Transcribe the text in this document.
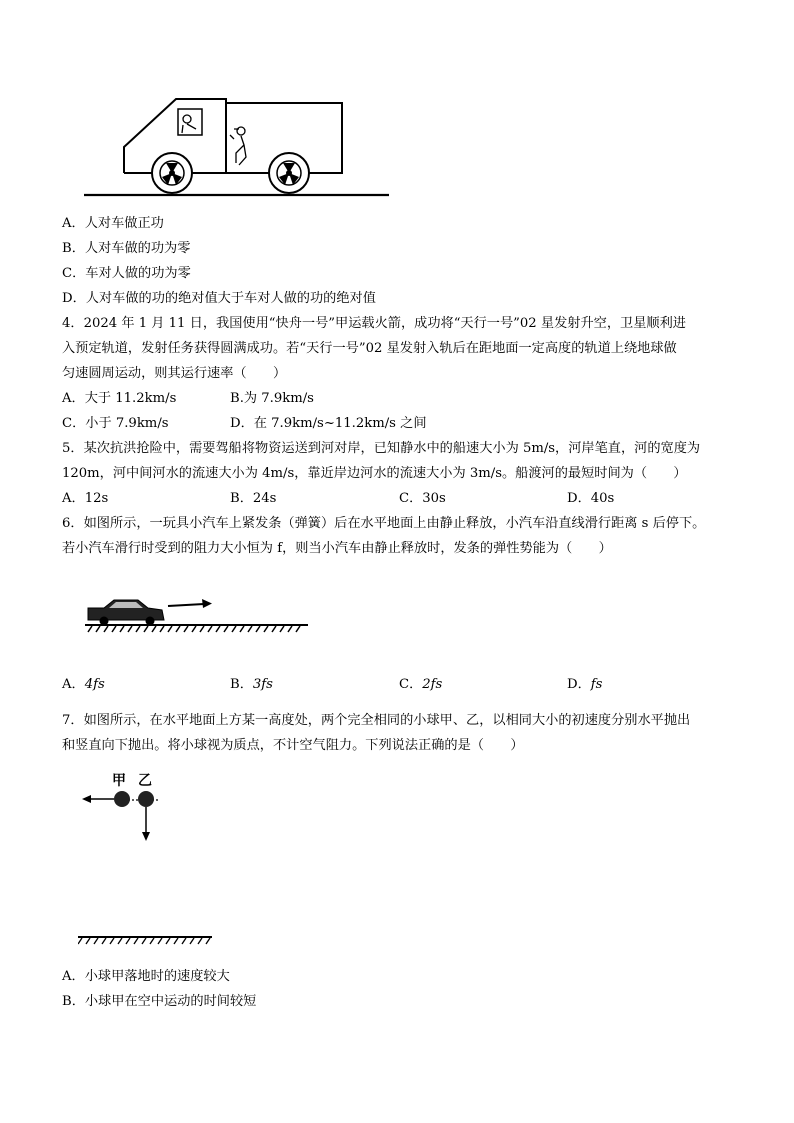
A．人对车做正功
B．人对车做的功为零
C．车对人做的功为零
D．人对车做的功的绝对值大于车对人做的功的绝对值
4．2024 年 1 月 11 日，我国使用“快舟一号”甲运载火箭，成功将“天行一号”02 星发射升空，卫星顺利进
入预定轨道，发射任务获得圆满成功。若“天行一号”02 星发射入轨后在距地面一定高度的轨道上绕地球做
匀速圆周运动，则其运行速率（　　）
A．大于 11.2km/s	B.为 7.9km/s
C．小于 7.9km/s	D．在 7.9km/s~11.2km/s 之间
5．某次抗洪抢险中，需要驾船将物资运送到河对岸，已知静水中的船速大小为 5m/s，河岸笔直，河的宽度为
120m，河中间河水的流速大小为 4m/s，靠近岸边河水的流速大小为 3m/s。船渡河的最短时间为（　　）
A．12s	B．24s	C．30s	D．40s
6．如图所示，一玩具小汽车上紧发条（弹簧）后在水平地面上由静止释放，小汽车沿直线滑行距离 s 后停下。
若小汽车滑行时受到的阻力大小恒为 f，则当小汽车由静止释放时，发条的弹性势能为（　　）
A．4fs	B．3fs	C．2fs	D．fs
7．如图所示，在水平地面上方某一高度处，两个完全相同的小球甲、乙，以相同大小的初速度分别水平抛出
和竖直向下抛出。将小球视为质点，不计空气阻力。下列说法正确的是（　　）
甲 乙
A．小球甲落地时的速度较大
B．小球甲在空中运动的时间较短
